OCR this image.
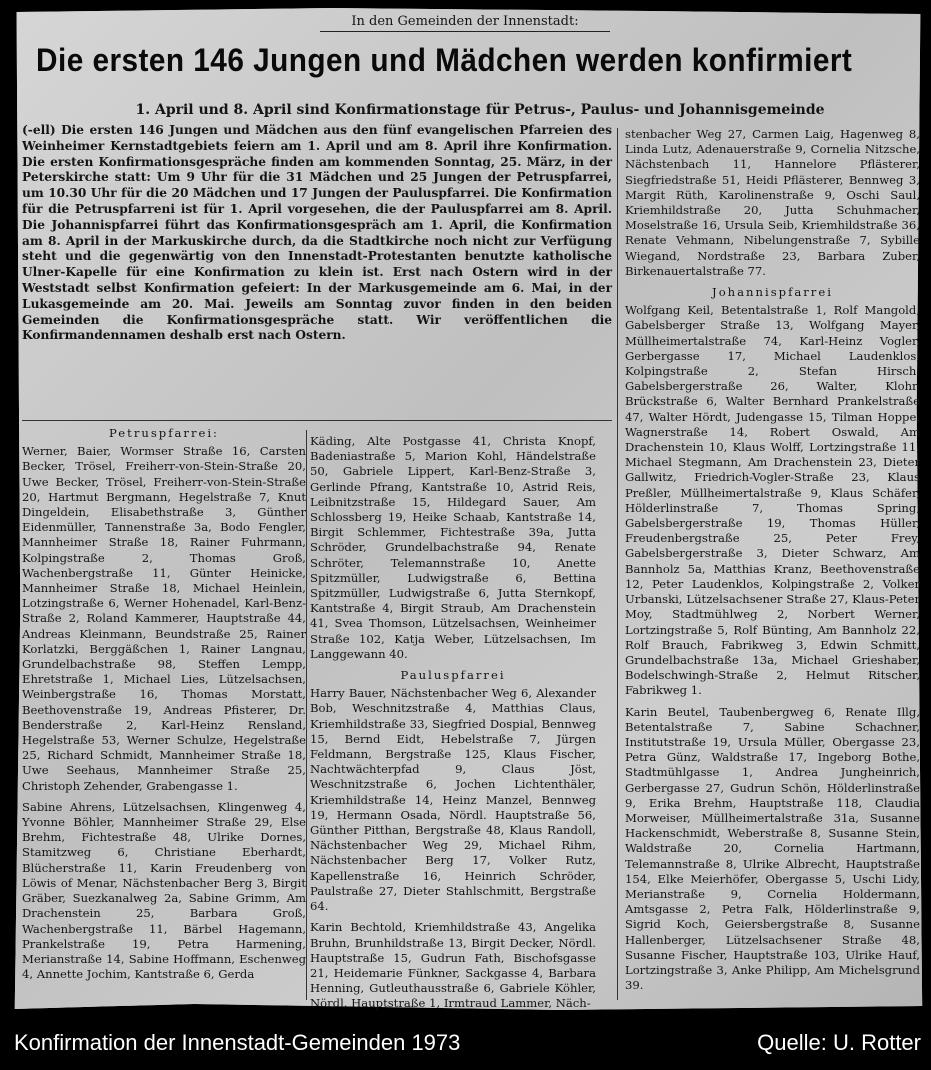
In den Gemeinden der Innenstadt:
Die ersten 146 Jungen und Mädchen werden konfirmiert
1. April und 8. April sind Konfirmationstage für Petrus-, Paulus- und Johannisgemeinde
(-ell) Die ersten 146 Jungen und Mädchen aus den fünf evangelischen Pfarreien des Weinheimer Kernstadtgebiets feiern am 1. April und am 8. April ihre Konfirmation. Die ersten Konfirmationsgespräche finden am kommenden Sonntag, 25. März, in der Peterskirche statt: Um 9 Uhr für die 31 Mädchen und 25 Jungen der Petruspfarrei, um 10.30 Uhr für die 20 Mädchen und 17 Jungen der Pauluspfarrei. Die Konfirmation für die Petruspfarreni ist für 1. April vorgesehen, die der Pauluspfarrei am 8. April. Die Johannispfarrei führt das Konfirmationsgespräch am 1. April, die Konfirmation am 8. April in der Markuskirche durch, da die Stadtkirche noch nicht zur Verfügung steht und die gegenwärtig von den Innenstadt-Protestanten benutzte katholische Ulner-Kapelle für eine Konfirmation zu klein ist. Erst nach Ostern wird in der Weststadt selbst Konfirmation gefeiert: In der Markusgemeinde am 6. Mai, in der Lukasgemeinde am 20. Mai. Jeweils am Sonntag zuvor finden in den beiden Gemeinden die Konfirmationsgespräche statt. Wir veröffentlichen die Konfirmandennamen deshalb erst nach Ostern.
Petruspfarrei:
Werner, Baier, Wormser Straße 16, Carsten Becker, Trösel, Freiherr-von-Stein-Straße 20, Uwe Becker, Trösel, Freiherr-von-Stein-Straße 20, Hartmut Bergmann, Hegelstraße 7, Knut Dingeldein, Elisabethstraße 3, Günther Eidenmüller, Tannenstraße 3a, Bodo Fengler, Mannheimer Straße 18, Rainer Fuhrmann, Kolpingstraße 2, Thomas Groß, Wachenbergstraße 11, Günter Heinicke, Mannheimer Straße 18, Michael Heinlein, Lotzingstraße 6, Werner Hohenadel, Karl-Benz-Straße 2, Roland Kammerer, Hauptstraße 44, Andreas Kleinmann, Beundstraße 25, Rainer Korlatzki, Berggäßchen 1, Rainer Langnau, Grundelbachstraße 98, Steffen Lempp, Ehretstraße 1, Michael Lies, Lützelsachsen, Weinbergstraße 16, Thomas Morstatt, Beethovenstraße 19, Andreas Pfisterer, Dr. Benderstraße 2, Karl-Heinz Rensland, Hegelstraße 53, Werner Schulze, Hegelstraße 25, Richard Schmidt, Mannheimer Straße 18, Uwe Seehaus, Mannheimer Straße 25, Christoph Zehender, Grabengasse 1.
Sabine Ahrens, Lützelsachsen, Klingenweg 4, Yvonne Böhler, Mannheimer Straße 29, Else Brehm, Fichtestraße 48, Ulrike Dornes, Stamitzweg 6, Christiane Eberhardt, Blücherstraße 11, Karin Freudenberg von Löwis of Menar, Nächstenbacher Berg 3, Birgit Gräber, Suezkanalweg 2a, Sabine Grimm, Am Drachenstein 25, Barbara Groß, Wachenbergstraße 11, Bärbel Hagemann, Prankelstraße 19, Petra Harmening, Merianstraße 14, Sabine Hoffmann, Eschenweg 4, Annette Jochim, Kantstraße 6, Gerda
Käding, Alte Postgasse 41, Christa Knopf, Badeniastraße 5, Marion Kohl, Händelstraße 50, Gabriele Lippert, Karl-Benz-Straße 3, Gerlinde Pfrang, Kantstraße 10, Astrid Reis, Leibnitzstraße 15, Hildegard Sauer, Am Schlossberg 19, Heike Schaab, Kantstraße 14, Birgit Schlemmer, Fichtestraße 39a, Jutta Schröder, Grundelbachstraße 94, Renate Schröter, Telemannstraße 10, Anette Spitzmüller, Ludwigstraße 6, Bettina Spitzmüller, Ludwigstraße 6, Jutta Sternkopf, Kantstraße 4, Birgit Straub, Am Drachenstein 41, Svea Thomson, Lützelsachsen, Weinheimer Straße 102, Katja Weber, Lützelsachsen, Im Langgewann 40.
Pauluspfarrei
Harry Bauer, Nächstenbacher Weg 6, Alexander Bob, Weschnitzstraße 4, Matthias Claus, Kriemhildstraße 33, Siegfried Dospial, Bennweg 15, Bernd Eidt, Hebelstraße 7, Jürgen Feldmann, Bergstraße 125, Klaus Fischer, Nachtwächterpfad 9, Claus Jöst, Weschnitzstraße 6, Jochen Lichtenthäler, Kriemhildstraße 14, Heinz Manzel, Bennweg 19, Hermann Osada, Nördl. Hauptstraße 56, Günther Pitthan, Bergstraße 48, Klaus Randoll, Nächstenbacher Weg 29, Michael Rihm, Nächstenbacher Berg 17, Volker Rutz, Kapellenstraße 16, Heinrich Schröder, Paulstraße 27, Dieter Stahlschmitt, Bergstraße 64.
Karin Bechtold, Kriemhildstraße 43, Angelika Bruhn, Brunhildstraße 13, Birgit Decker, Nördl. Hauptstraße 15, Gudrun Fath, Bischofsgasse 21, Heidemarie Fünkner, Sackgasse 4, Barbara Henning, Gutleuthausstraße 6, Gabriele Köhler, Nördl. Hauptstraße 1, Irmtraud Lammer, Näch-
stenbacher Weg 27, Carmen Laig, Hagenweg 8, Linda Lutz, Adenauerstraße 9, Cornelia Nitzsche, Nächstenbach 11, Hannelore Pflästerer, Siegfriedstraße 51, Heidi Pflästerer, Bennweg 3, Margit Rüth, Karolinenstraße 9, Oschi Saul, Kriemhildstraße 20, Jutta Schuhmacher, Moselstraße 16, Ursula Seib, Kriemhildstraße 36, Renate Vehmann, Nibelungenstraße 7, Sybille Wiegand, Nordstraße 23, Barbara Zuber, Birkenauertalstraße 77.
Johannispfarrei
Wolfgang Keil, Betentalstraße 1, Rolf Mangold, Gabelsberger Straße 13, Wolfgang Mayer, Müllheimertalstraße 74, Karl-Heinz Vogler, Gerbergasse 17, Michael Laudenklos, Kolpingstraße 2, Stefan Hirsch, Gabelsbergerstraße 26, Walter, Klohr, Brückstraße 6, Walter Bernhard Prankelstraße 47, Walter Hördt, Judengasse 15, Tilman Hoppe, Wagnerstraße 14, Robert Oswald, Am Drachenstein 10, Klaus Wolff, Lortzingstraße 11, Michael Stegmann, Am Drachenstein 23, Dieter Gallwitz, Friedrich-Vogler-Straße 23, Klaus Preßler, Müllheimertalstraße 9, Klaus Schäfer, Hölderlinstraße 7, Thomas Spring, Gabelsbergerstraße 19, Thomas Hüller, Freudenbergstraße 25, Peter Frey, Gabelsbergerstraße 3, Dieter Schwarz, Am Bannholz 5a, Matthias Kranz, Beethovenstraße 12, Peter Laudenklos, Kolpingstraße 2, Volker Urbanski, Lützelsachsener Straße 27, Klaus-Peter Moy, Stadtmühlweg 2, Norbert Werner, Lortzingstraße 5, Rolf Bünting, Am Bannholz 22, Rolf Brauch, Fabrikweg 3, Edwin Schmitt, Grundelbachstraße 13a, Michael Grieshaber, Bodelschwingh-Straße 2, Helmut Ritscher, Fabrikweg 1.
Karin Beutel, Taubenbergweg 6, Renate Illg, Betentalstraße 7, Sabine Schachner, Institutstraße 19, Ursula Müller, Obergasse 23, Petra Günz, Waldstraße 17, Ingeborg Bothe, Stadtmühlgasse 1, Andrea Jungheinrich, Gerbergasse 27, Gudrun Schön, Hölderlinstraße 9, Erika Brehm, Hauptstraße 118, Claudia Morweiser, Müllheimertalstraße 31a, Susanne Hackenschmidt, Weberstraße 8, Susanne Stein, Waldstraße 20, Cornelia Hartmann, Telemannstraße 8, Ulrike Albrecht, Hauptstraße 154, Elke Meierhöfer, Obergasse 5, Uschi Lidy, Merianstraße 9, Cornelia Holdermann, Amtsgasse 2, Petra Falk, Hölderlinstraße 9, Sigrid Koch, Geiersbergstraße 8, Susanne Hallenberger, Lützelsachsener Straße 48, Susanne Fischer, Hauptstraße 103, Ulrike Hauf, Lortzingstraße 3, Anke Philipp, Am Michelsgrund 39.
Konfirmation der Innenstadt-Gemeinden 1973	Quelle: U. Rotter
